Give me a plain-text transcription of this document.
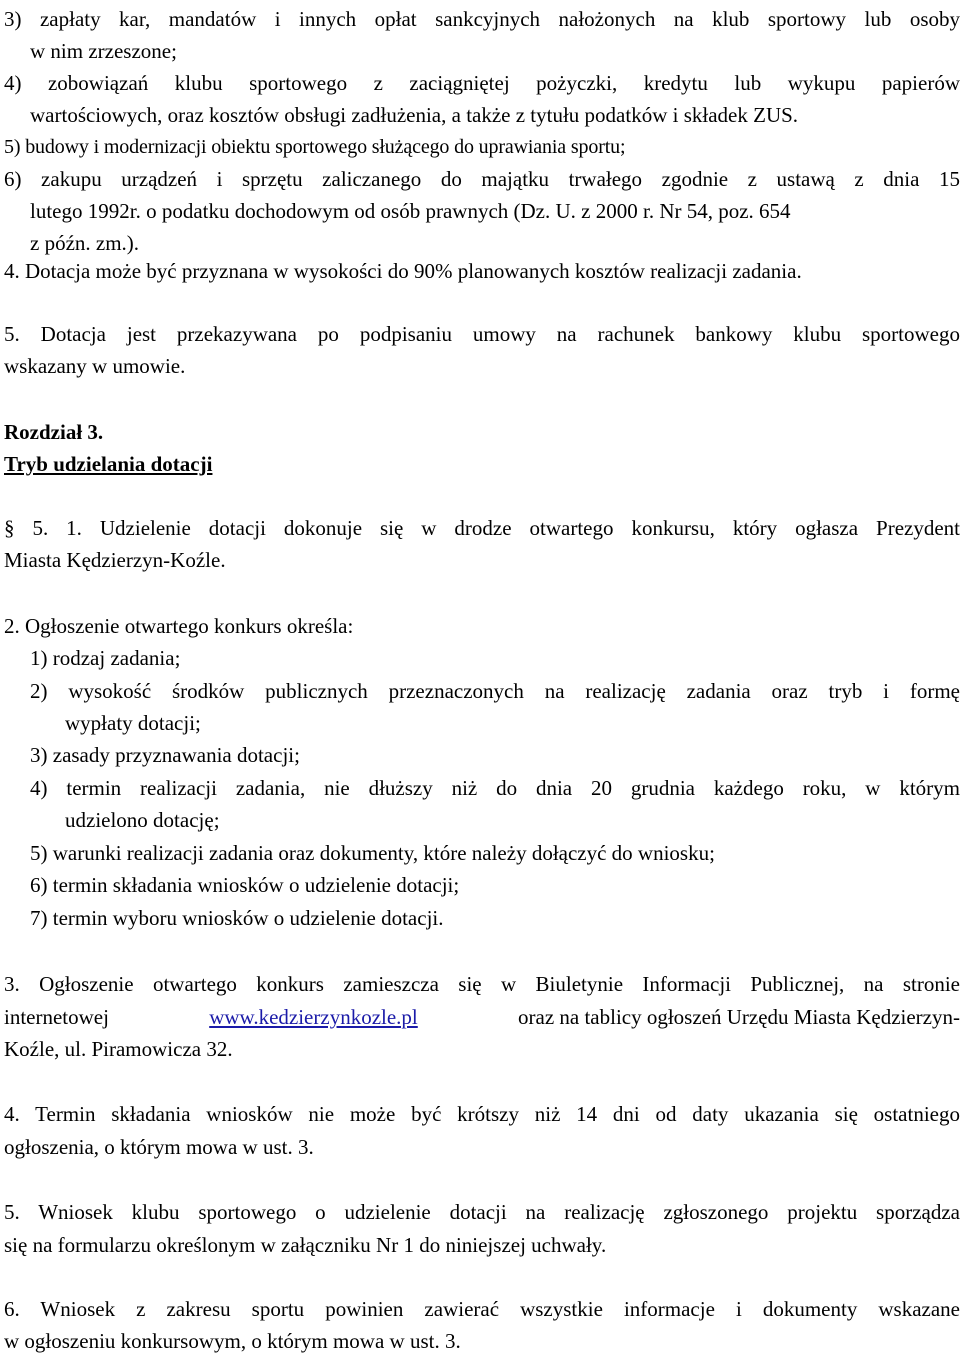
3) zapłaty kar, mandatów i innych opłat sankcyjnych nałożonych na klub sportowy lub osoby
w nim zrzeszone;
4) zobowiązań klubu sportowego z zaciągniętej pożyczki, kredytu lub wykupu papierów
wartościowych, oraz kosztów obsługi zadłużenia, a także z tytułu podatków i składek ZUS.
5) budowy i modernizacji obiektu sportowego służącego do uprawiania sportu;
6) zakupu urządzeń i sprzętu zaliczanego do majątku trwałego zgodnie z ustawą z dnia 15
lutego 1992r. o podatku dochodowym od osób prawnych (Dz. U. z 2000 r. Nr 54, poz. 654
z późn. zm.).
4. Dotacja może być przyznana w wysokości do 90% planowanych kosztów realizacji zadania.
5. Dotacja jest przekazywana po podpisaniu umowy na rachunek bankowy klubu sportowego
wskazany w umowie.
Rozdział 3.
Tryb udzielania dotacji
§ 5. 1. Udzielenie dotacji dokonuje się w drodze otwartego konkursu, który ogłasza Prezydent
Miasta Kędzierzyn-Koźle.
2. Ogłoszenie otwartego konkurs określa:
1) rodzaj zadania;
2) wysokość środków publicznych przeznaczonych na realizację zadania oraz tryb i formę
wypłaty dotacji;
3) zasady przyznawania dotacji;
4) termin realizacji zadania, nie dłuższy niż do dnia 20 grudnia każdego roku, w którym
udzielono dotację;
5) warunki realizacji zadania oraz dokumenty, które należy dołączyć do wniosku;
6) termin składania wniosków o udzielenie dotacji;
7) termin wyboru wniosków o udzielenie dotacji.
3. Ogłoszenie otwartego konkurs zamieszcza się w Biuletynie Informacji Publicznej, na stronie
internetowej	www.kedzierzynkozle.pl	oraz na tablicy ogłoszeń Urzędu Miasta Kędzierzyn-
Koźle, ul. Piramowicza 32.
4. Termin składania wniosków nie może być krótszy niż 14 dni od daty ukazania się ostatniego
ogłoszenia, o którym mowa w ust. 3.
5. Wniosek klubu sportowego o udzielenie dotacji na realizację zgłoszonego projektu sporządza
się na formularzu określonym w załączniku Nr 1 do niniejszej uchwały.
6. Wniosek z zakresu sportu powinien zawierać wszystkie informacje i dokumenty wskazane
w ogłoszeniu konkursowym, o którym mowa w ust. 3.
